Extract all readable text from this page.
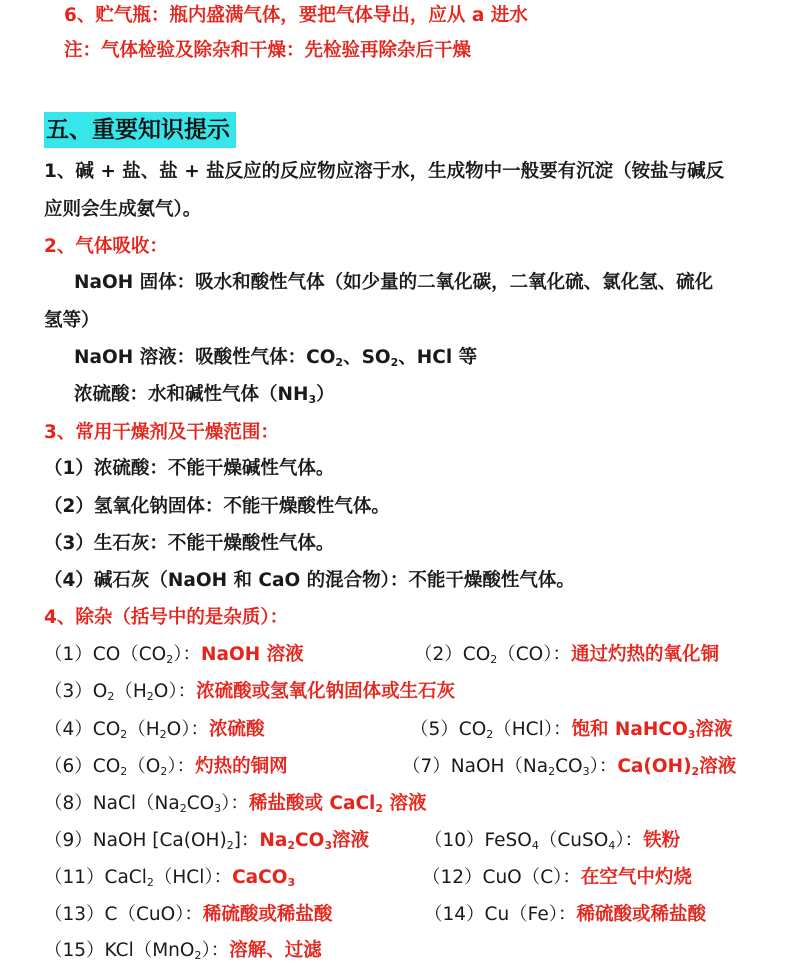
6、贮气瓶：瓶内盛满气体，要把气体导出，应从 a 进水
注：气体检验及除杂和干燥：先检验再除杂后干燥
五、重要知识提示
1、碱 + 盐、盐 + 盐反应的反应物应溶于水，生成物中一般要有沉淀（铵盐与碱反
应则会生成氨气）。
2、气体吸收：
NaOH 固体：吸水和酸性气体（如少量的二氧化碳，二氧化硫、氯化氢、硫化
氢等）
NaOH 溶液：吸酸性气体：$CO_2$、$SO_2$、HCl 等
浓硫酸：水和碱性气体$(NH_3)$
3、常用干燥剂及干燥范围：
（1）浓硫酸：不能干燥碱性气体。
（2）氢氧化钠固体：不能干燥酸性气体。
（3）生石灰：不能干燥酸性气体。
（4）碱石灰（NaOH 和 CaO 的混合物）：不能干燥酸性气体。
4、除杂（括号中的是杂质）：
$(1)CO(CO_2)$：NaOH 溶液	$(2)CO_2(CO)$：通过灼热的氧化铜
$(3)O_2(H_2O)$：浓硫酸或氢氧化钠固体或生石灰
$(4)CO_2(H_2O)$：浓硫酸	$(5)CO_2(HCl)$：饱和 NaHCO$_3$溶液
$(6)CO_2(O_2)$：灼热的铜网	$(7)NaOH(Na_2CO_3)$：$Ca(OH)_2$溶液
$(8)NaCl(Na_2CO_3)$：稀盐酸或 CaCl$_2$ 溶液
（9）NaOH $[Ca(OH)_2]$：$Na_2CO_3$溶液	（10）FeSO$_4$（CuSO$_4$）：铁粉
（11）CaCl$_2$（HCl）：CaCO$_3$	（12）CuO（C）：在空气中灼烧
（13）C（CuO）：稀硫酸或稀盐酸	（14）Cu（Fe）：稀硫酸或稀盐酸
（15）KCl（MnO$_2$）：溶解、过滤
